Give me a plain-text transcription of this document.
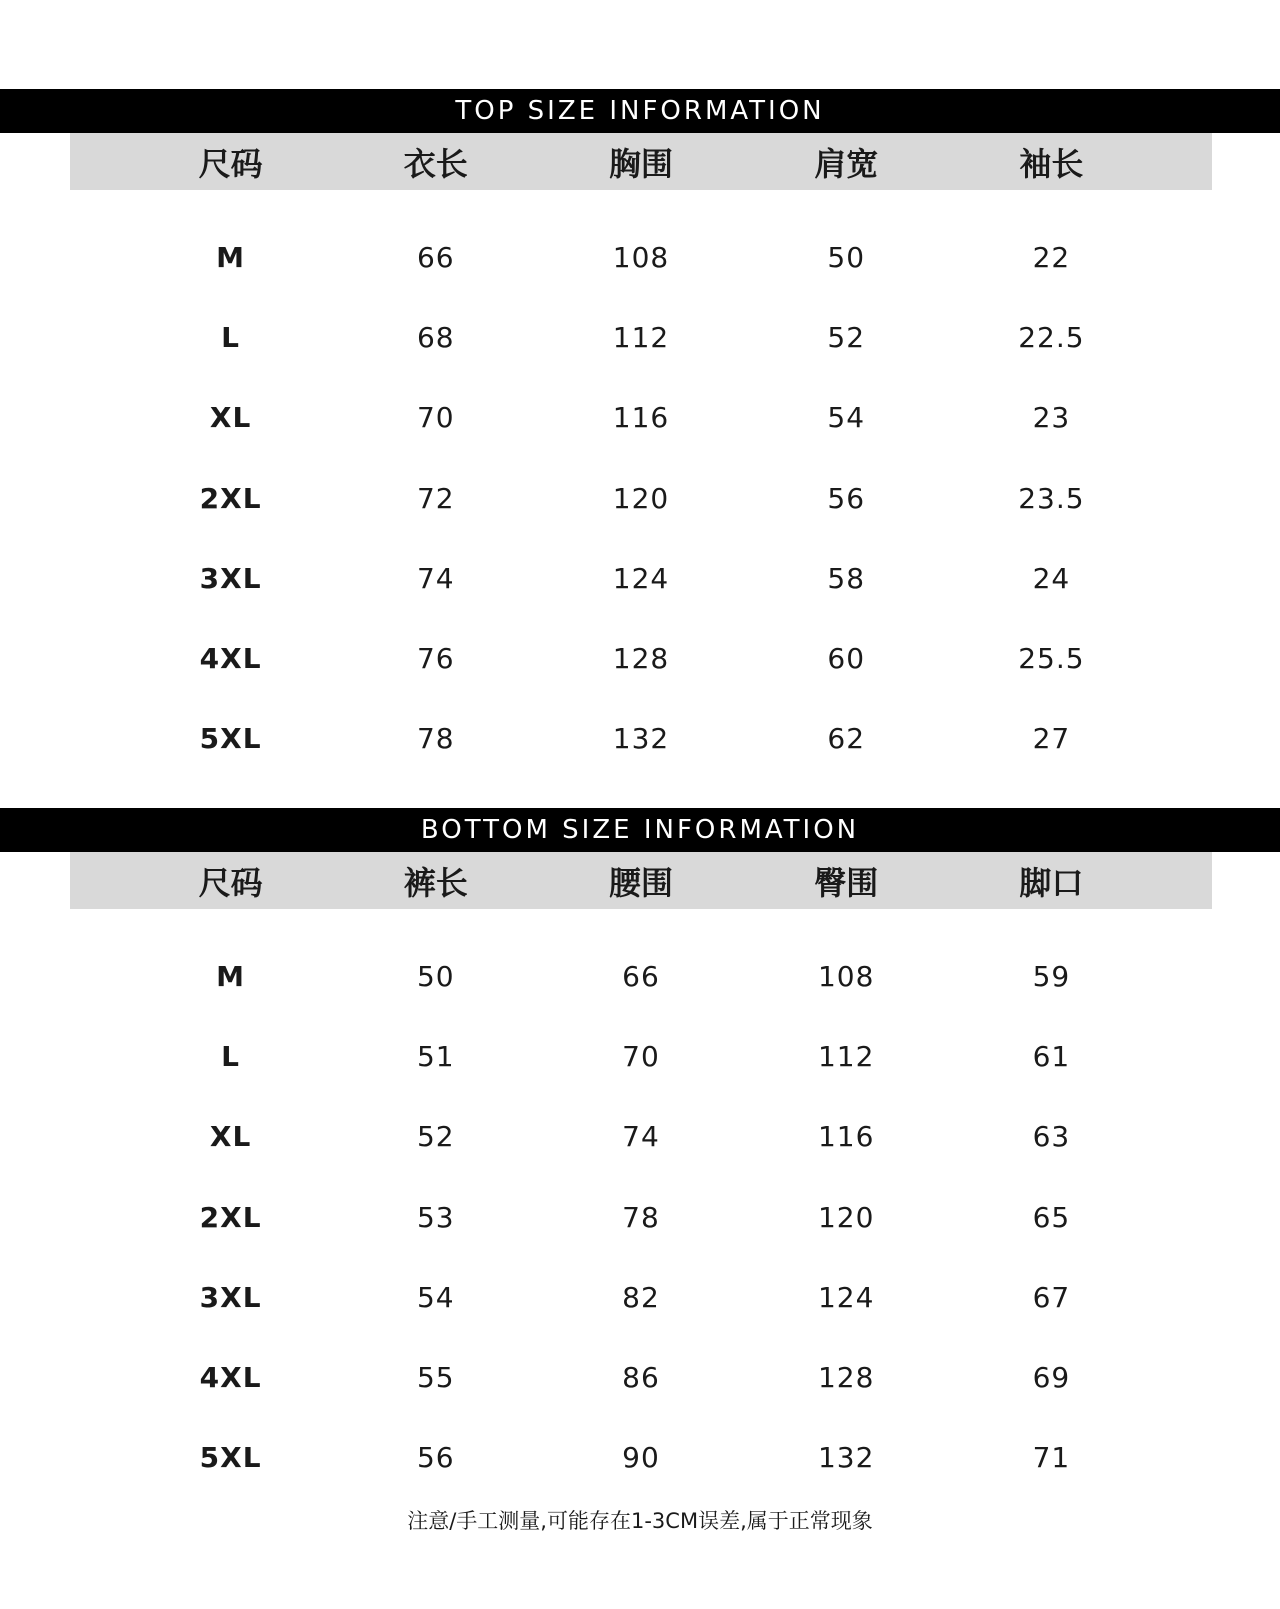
TOP SIZE INFORMATION
尺码	衣长	胸围	肩宽	袖长
M	66	108	50	22
L	68	112	52	22.5
XL	70	116	54	23
2XL	72	120	56	23.5
3XL	74	124	58	24
4XL	76	128	60	25.5
5XL	78	132	62	27
BOTTOM SIZE INFORMATION
尺码	裤长	腰围	臀围	脚口
M	50	66	108	59
L	51	70	112	61
XL	52	74	116	63
2XL	53	78	120	65
3XL	54	82	124	67
4XL	55	86	128	69
5XL	56	90	132	71
注意/手工测量,可能存在1-3CM误差,属于正常现象
